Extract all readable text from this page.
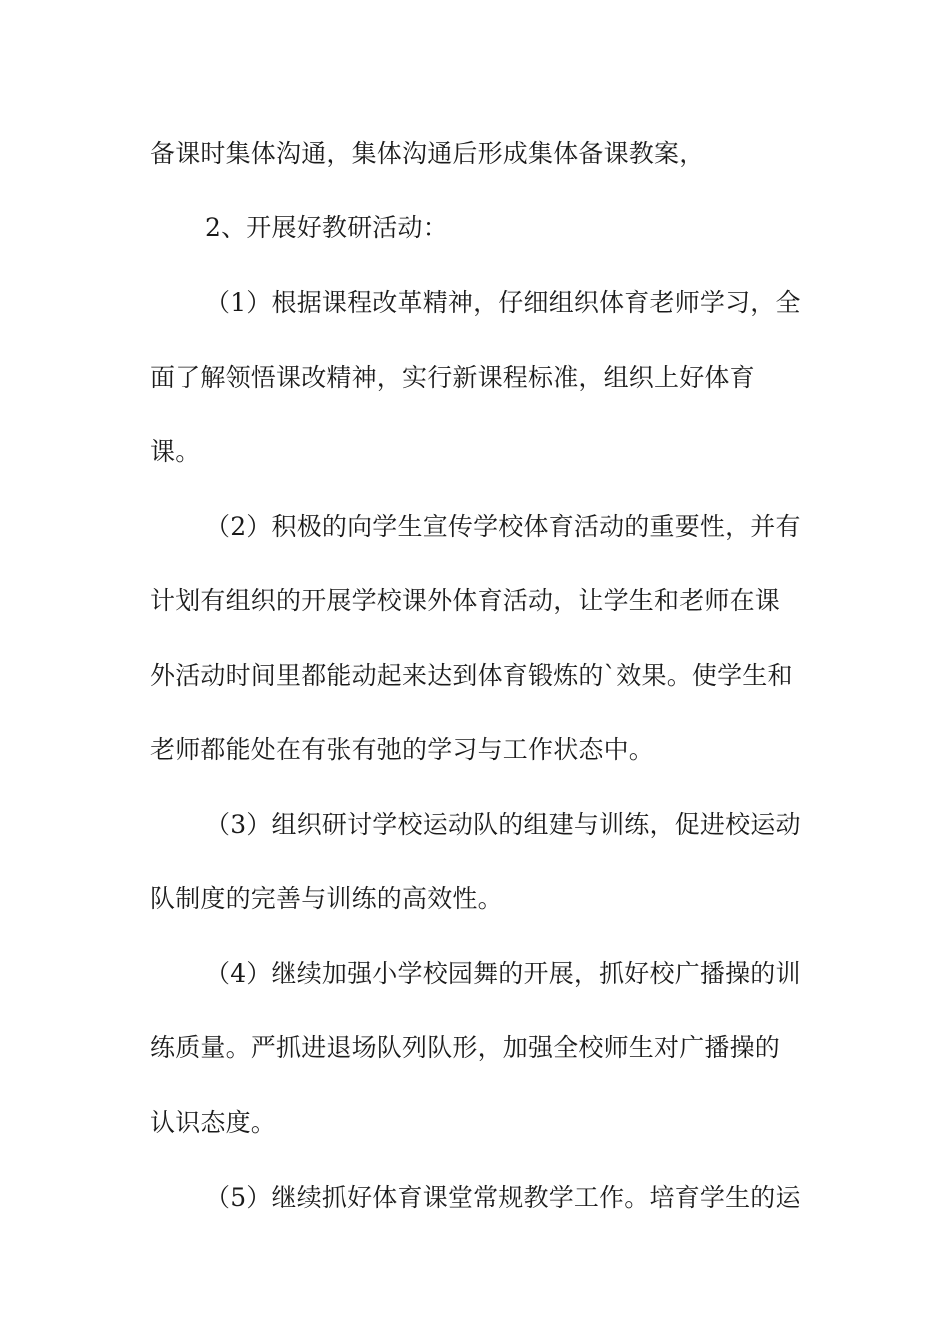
备课时集体沟通，集体沟通后形成集体备课教案，
2、开展好教研活动：
（1）根据课程改革精神，仔细组织体育老师学习，全
面了解领悟课改精神，实行新课程标准，组织上好体育
课。
（2）积极的向学生宣传学校体育活动的重要性，并有
计划有组织的开展学校课外体育活动，让学生和老师在课
外活动时间里都能动起来达到体育锻炼的`效果。使学生和
老师都能处在有张有弛的学习与工作状态中。
（3）组织研讨学校运动队的组建与训练，促进校运动
队制度的完善与训练的高效性。
（4）继续加强小学校园舞的开展，抓好校广播操的训
练质量。严抓进退场队列队形，加强全校师生对广播操的
认识态度。
（5）继续抓好体育课堂常规教学工作。培育学生的运
